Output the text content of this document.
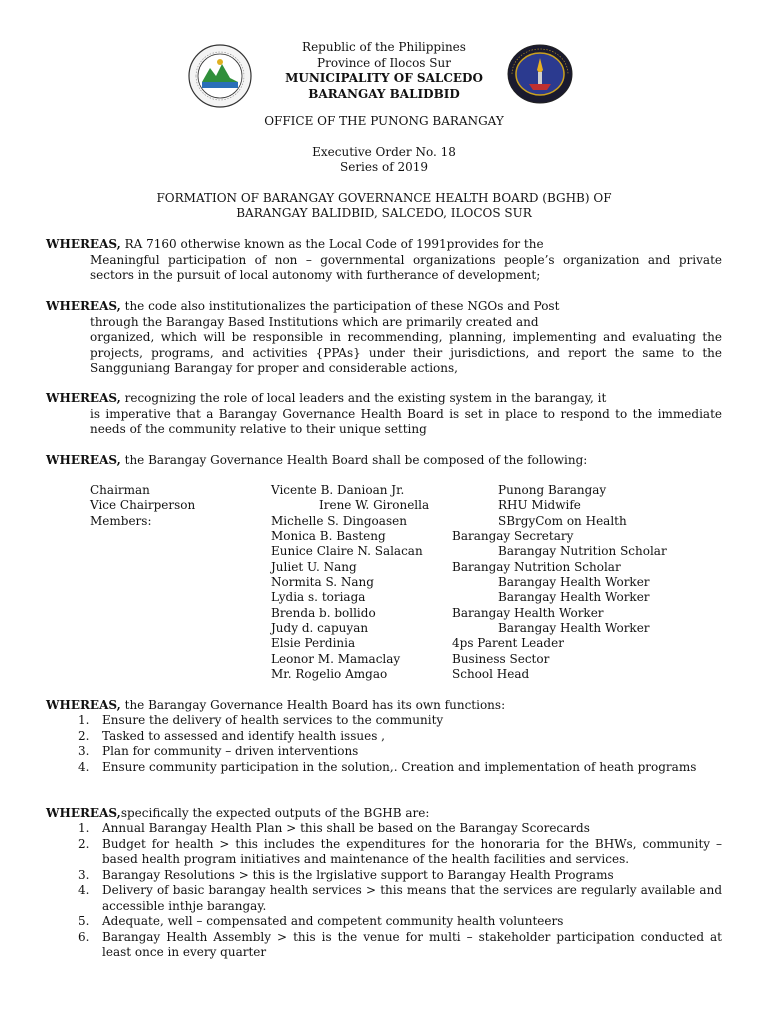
Republic of the Philippines
Province of Ilocos Sur
MUNICIPALITY OF SALCEDO
BARANGAY BALIDBID
OFFICE OF THE PUNONG BARANGAY
Executive Order No. 18
Series of 2019
FORMATION OF BARANGAY GOVERNANCE HEALTH BOARD (BGHB) OF
BARANGAY BALIDBID, SALCEDO, ILOCOS SUR
WHEREAS, RA 7160 otherwise known as the Local Code of 1991provides for the

Meaningful participation of non – governmental organizations people’s organization and private sectors in the pursuit of local autonomy with furtherance of development;

WHEREAS, the code also institutionalizes the participation of these NGOs and Post

through the Barangay Based Institutions which are primarily created and

organized, which will be responsible in recommending, planning, implementing and evaluating the projects, programs, and activities {PPAs} under their jurisdictions, and report the same to the Sangguniang Barangay for proper and considerable actions,

WHEREAS, recognizing the role of local leaders and the existing system in the barangay, it

is imperative that a Barangay Governance Health Board is set in place to respond to the immediate needs of the community relative to their unique setting

WHEREAS, the Barangay Governance Health Board shall be composed of the following:
Chairman	Vicente B. Danioan Jr.	Punong Barangay
Vice Chairperson	Irene W. Gironella	RHU Midwife
Members:	Michelle S. Dingoasen	SBrgyCom on Health
Monica B. Basteng	Barangay Secretary
Eunice Claire N. Salacan	Barangay Nutrition Scholar
Juliet U. Nang	Barangay Nutrition Scholar
Normita S. Nang	Barangay Health Worker
Lydia s. toriaga	Barangay Health Worker
Brenda b. bollido	Barangay Health Worker
Judy d. capuyan	Barangay Health Worker
Elsie Perdinia	4ps Parent Leader
Leonor M. Mamaclay	Business Sector
Mr. Rogelio Amgao	School Head
WHEREAS, the Barangay Governance Health Board has its own functions:
1. Ensure the delivery of health services to the community
2. Tasked to assessed and identify health issues ,
3. Plan for community – driven interventions
4. Ensure community participation in the solution,. Creation and implementation of heath programs
WHEREAS,specifically the expected outputs of the BGHB are:
1. Annual Barangay Health Plan > this shall be based on the Barangay Scorecards
2. Budget for health > this includes the expenditures for the honoraria for the BHWs, community – based health program initiatives and maintenance of the health facilities and services.
3. Barangay Resolutions > this is the lrgislative support to Barangay Health Programs
4. Delivery of basic barangay health services > this means that the services are regularly available and accessible inthje barangay.
5. Adequate, well – compensated and competent community health volunteers
6. Barangay Health Assembly > this is the venue for multi – stakeholder participation conducted at least once in every quarter
